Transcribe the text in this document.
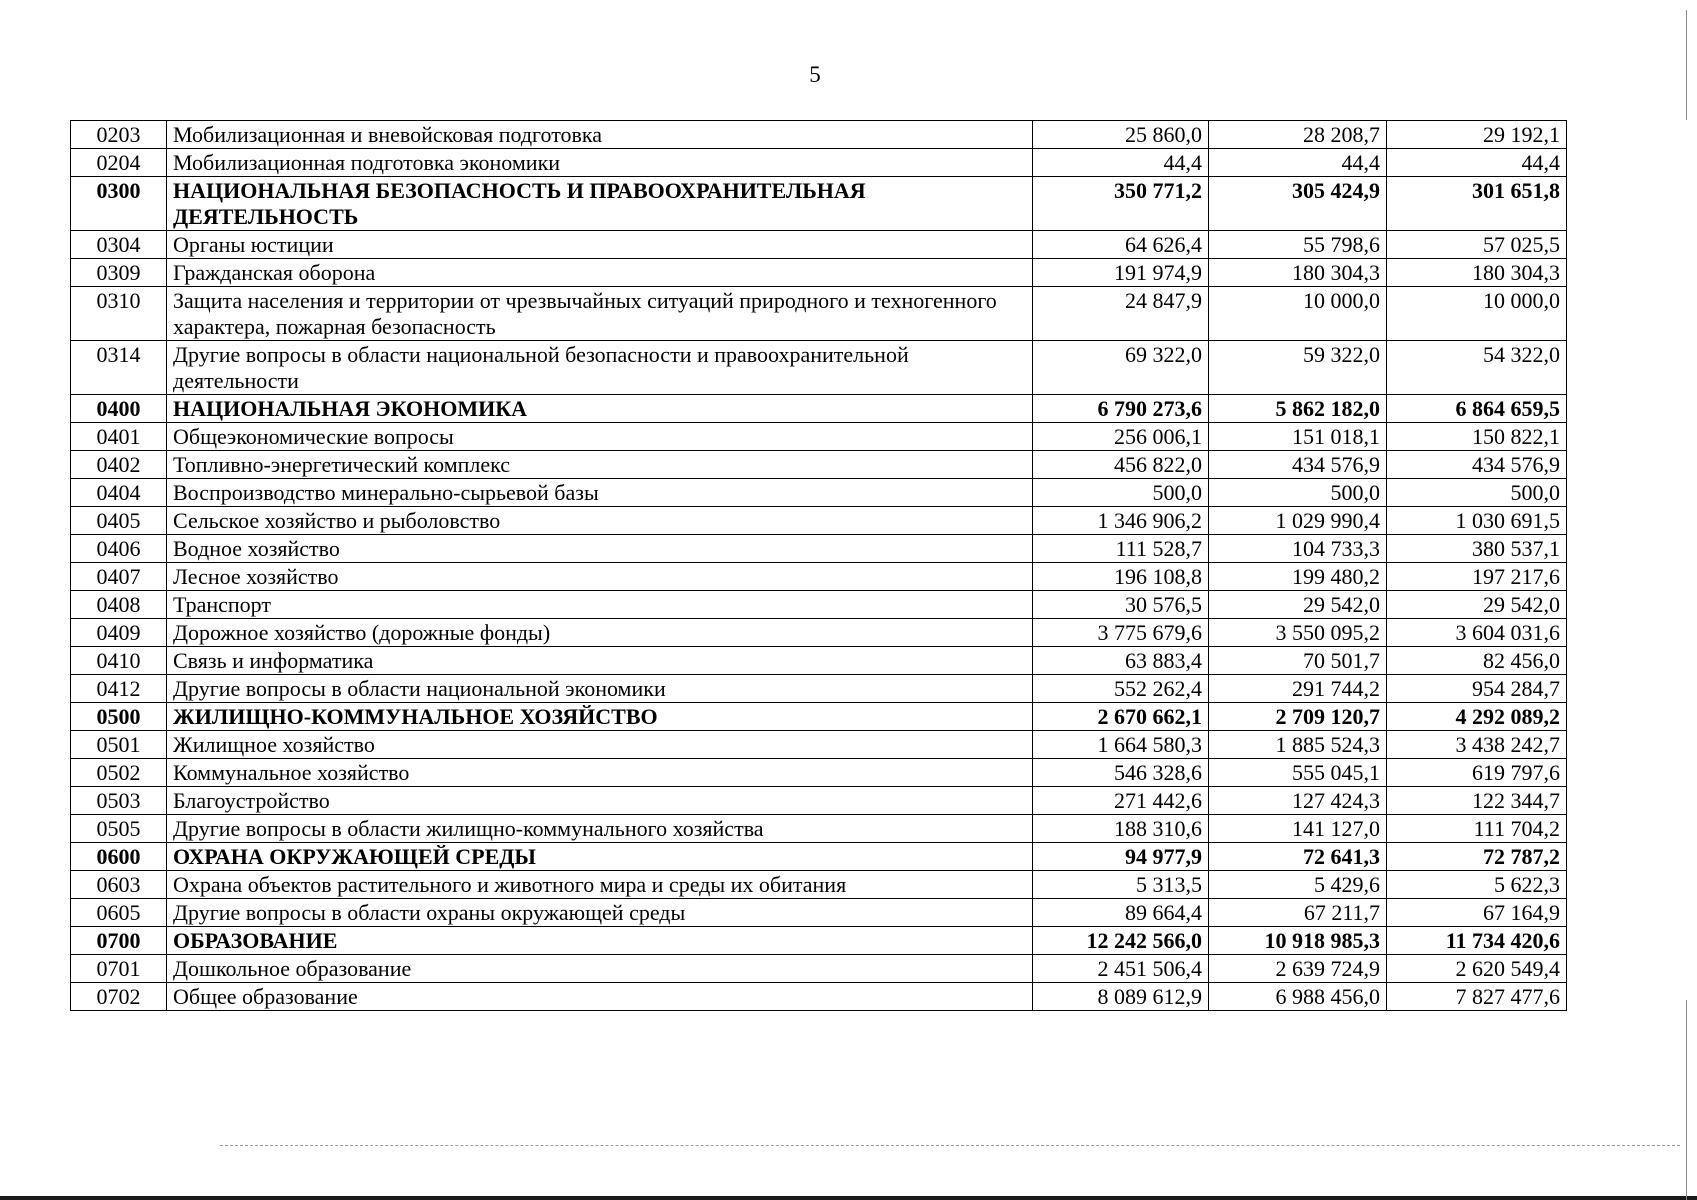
5
0203	Мобилизационная и вневойсковая подготовка	25 860,0	28 208,7	29 192,1
0204	Мобилизационная подготовка экономики	44,4	44,4	44,4
0300	НАЦИОНАЛЬНАЯ БЕЗОПАСНОСТЬ И ПРАВООХРАНИТЕЛЬНАЯ ДЕЯТЕЛЬНОСТЬ	350 771,2	305 424,9	301 651,8
0304	Органы юстиции	64 626,4	55 798,6	57 025,5
0309	Гражданская оборона	191 974,9	180 304,3	180 304,3
0310	Защита населения и территории от чрезвычайных ситуаций природного и техногенного характера, пожарная безопасность	24 847,9	10 000,0	10 000,0
0314	Другие вопросы в области национальной безопасности и правоохранительной деятельности	69 322,0	59 322,0	54 322,0
0400	НАЦИОНАЛЬНАЯ ЭКОНОМИКА	6 790 273,6	5 862 182,0	6 864 659,5
0401	Общеэкономические вопросы	256 006,1	151 018,1	150 822,1
0402	Топливно-энергетический комплекс	456 822,0	434 576,9	434 576,9
0404	Воспроизводство минерально-сырьевой базы	500,0	500,0	500,0
0405	Сельское хозяйство и рыболовство	1 346 906,2	1 029 990,4	1 030 691,5
0406	Водное хозяйство	111 528,7	104 733,3	380 537,1
0407	Лесное хозяйство	196 108,8	199 480,2	197 217,6
0408	Транспорт	30 576,5	29 542,0	29 542,0
0409	Дорожное хозяйство (дорожные фонды)	3 775 679,6	3 550 095,2	3 604 031,6
0410	Связь и информатика	63 883,4	70 501,7	82 456,0
0412	Другие вопросы в области национальной экономики	552 262,4	291 744,2	954 284,7
0500	ЖИЛИЩНО-КОММУНАЛЬНОЕ ХОЗЯЙСТВО	2 670 662,1	2 709 120,7	4 292 089,2
0501	Жилищное хозяйство	1 664 580,3	1 885 524,3	3 438 242,7
0502	Коммунальное хозяйство	546 328,6	555 045,1	619 797,6
0503	Благоустройство	271 442,6	127 424,3	122 344,7
0505	Другие вопросы в области жилищно-коммунального хозяйства	188 310,6	141 127,0	111 704,2
0600	ОХРАНА ОКРУЖАЮЩЕЙ СРЕДЫ	94 977,9	72 641,3	72 787,2
0603	Охрана объектов растительного и животного мира и среды их обитания	5 313,5	5 429,6	5 622,3
0605	Другие вопросы в области охраны окружающей среды	89 664,4	67 211,7	67 164,9
0700	ОБРАЗОВАНИЕ	12 242 566,0	10 918 985,3	11 734 420,6
0701	Дошкольное образование	2 451 506,4	2 639 724,9	2 620 549,4
0702	Общее образование	8 089 612,9	6 988 456,0	7 827 477,6
